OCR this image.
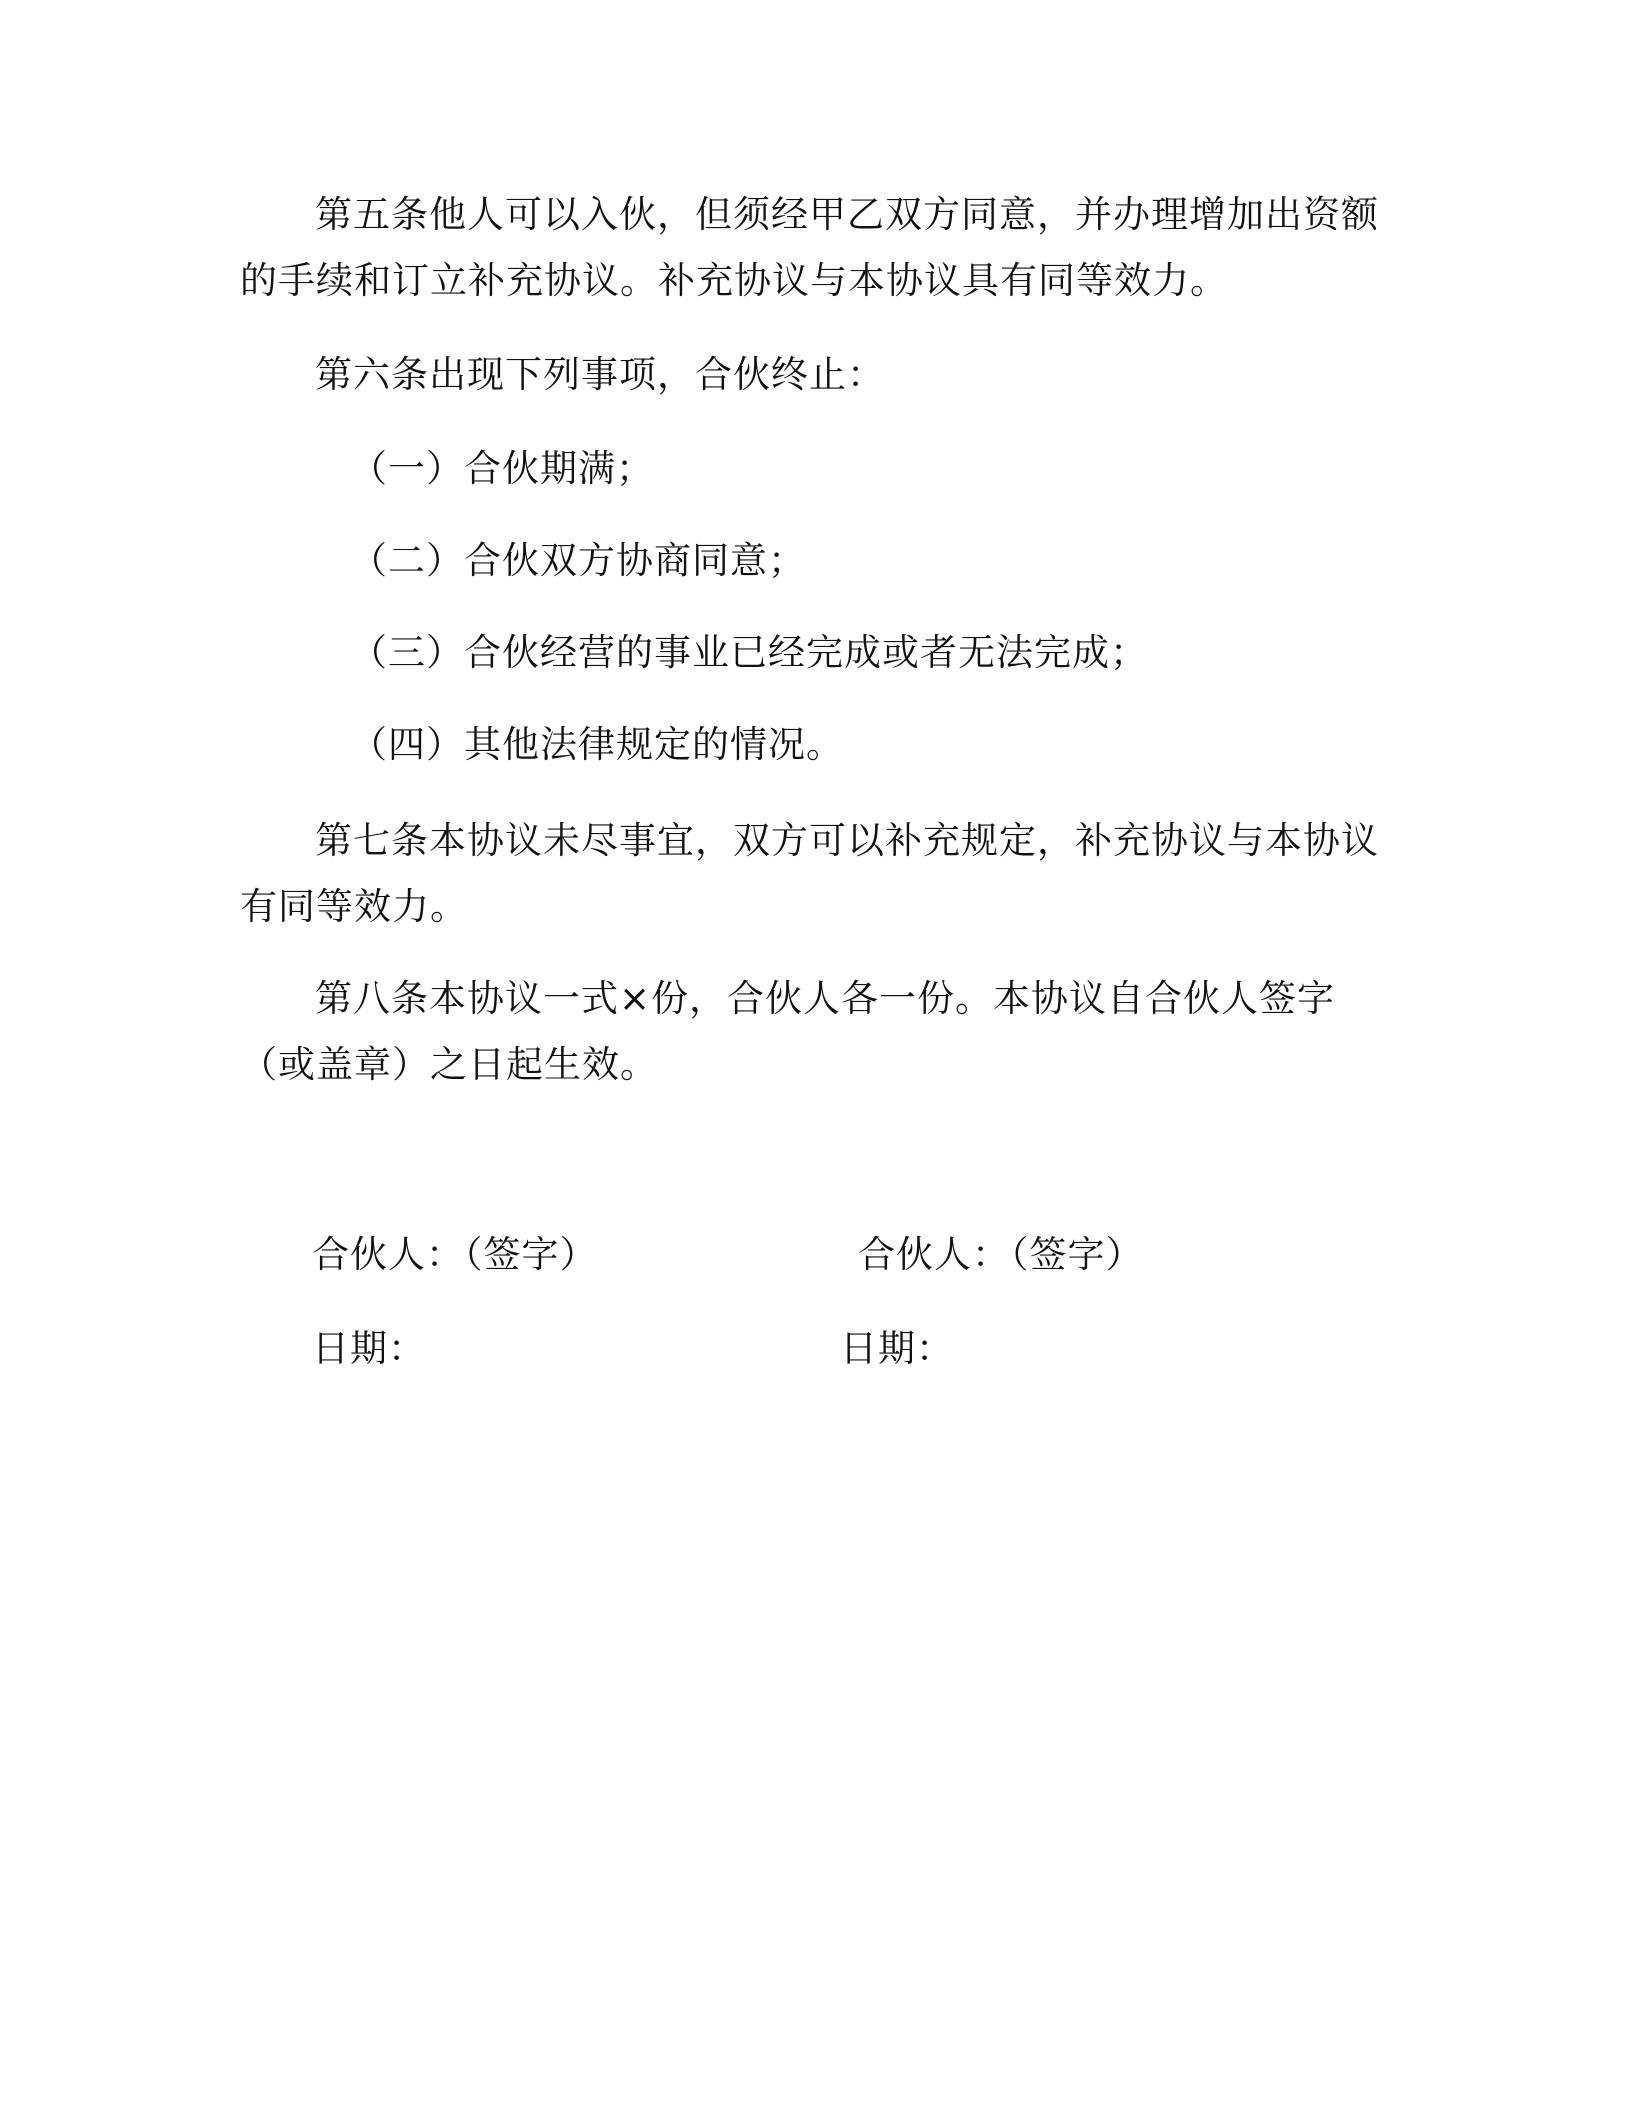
第五条他人可以入伙，但须经甲乙双方同意，并办理增加出资额的手续和订立补充协议。补充协议与本协议具有同等效力。

第六条出现下列事项，合伙终止：

（一）合伙期满；

（二）合伙双方协商同意；

（三）合伙经营的事业已经完成或者无法完成；

（四）其他法律规定的情况。

第七条本协议未尽事宜，双方可以补充规定，补充协议与本协议有同等效力。

第八条本协议一式×份，合伙人各一份。本协议自合伙人签字（或盖章）之日起生效。

合伙人：（签字）	合伙人：（签字）
日期：	日期：
